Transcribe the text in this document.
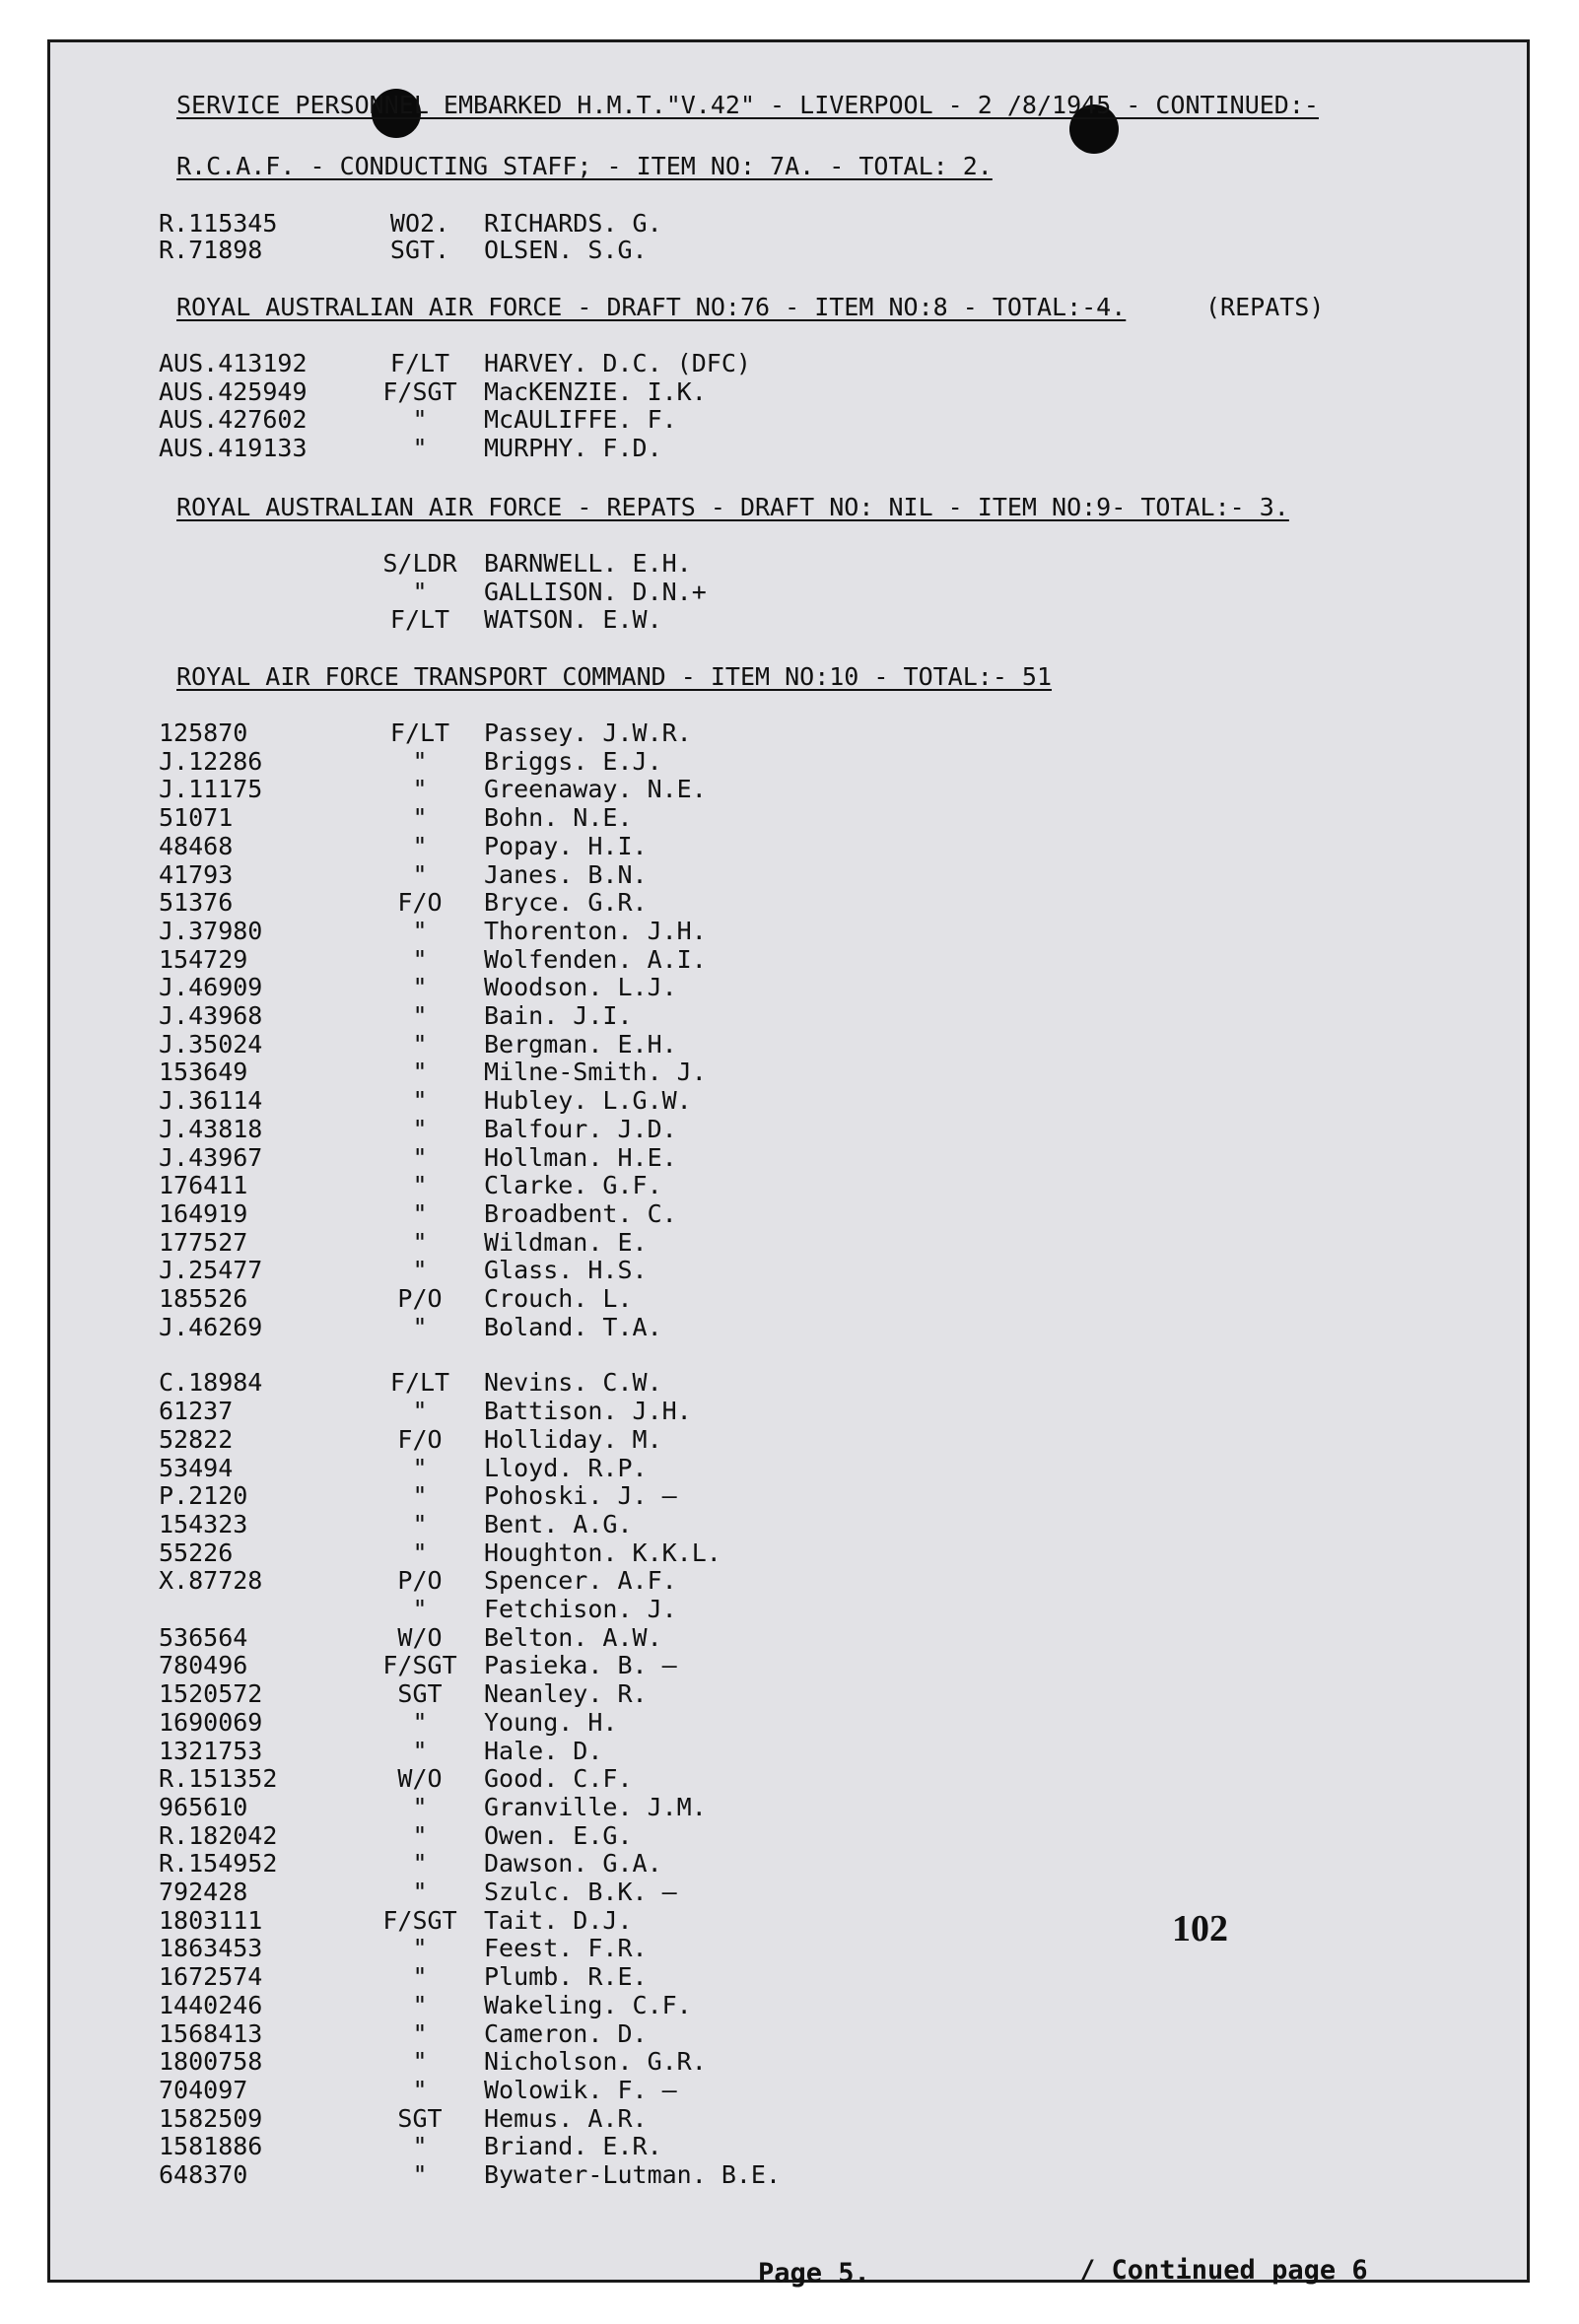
SERVICE PERSONNEL EMBARKED H.M.T."V.42" - LIVERPOOL - 2 /8/1945 - CONTINUED:-
R.C.A.F. - CONDUCTING STAFF; - ITEM NO: 7A. - TOTAL: 2.
R.115345	WO2.	RICHARDS. G.
R.71898	SGT.	OLSEN. S.G.
ROYAL AUSTRALIAN AIR FORCE - DRAFT NO:76 - ITEM NO:8 - TOTAL:-4.	(REPATS)
AUS.413192	F/LT	HARVEY. D.C. (DFC)
AUS.425949	F/SGT	MacKENZIE. I.K.
AUS.427602	"	McAULIFFE. F.
AUS.419133	"	MURPHY. F.D.
ROYAL AUSTRALIAN AIR FORCE - REPATS - DRAFT NO: NIL - ITEM NO:9- TOTAL:- 3.
S/LDR	BARNWELL. E.H.
"	GALLISON. D.N.+
F/LT	WATSON. E.W.
ROYAL AIR FORCE TRANSPORT COMMAND - ITEM NO:10 - TOTAL:- 51
125870	F/LT	Passey. J.W.R.
J.12286	"	Briggs. E.J.
J.11175	"	Greenaway. N.E.
51071	"	Bohn. N.E.
48468	"	Popay. H.I.
41793	"	Janes. B.N.
51376	F/O	Bryce. G.R.
J.37980	"	Thorenton. J.H.
154729	"	Wolfenden. A.I.
J.46909	"	Woodson. L.J.
J.43968	"	Bain. J.I.
J.35024	"	Bergman. E.H.
153649	"	Milne-Smith. J.
J.36114	"	Hubley. L.G.W.
J.43818	"	Balfour. J.D.
J.43967	"	Hollman. H.E.
176411	"	Clarke. G.F.
164919	"	Broadbent. C.
177527	"	Wildman. E.
J.25477	"	Glass. H.S.
185526	P/O	Crouch. L.
J.46269	"	Boland. T.A.
C.18984	F/LT	Nevins. C.W.
61237	"	Battison. J.H.
52822	F/O	Holliday. M.
53494	"	Lloyd. R.P.
P.2120	"	Pohoski. J. —
154323	"	Bent. A.G.
55226	"	Houghton. K.K.L.
X.87728	P/O	Spencer. A.F.
"	Fetchison. J.
536564	W/O	Belton. A.W.
780496	F/SGT	Pasieka. B. —
1520572	SGT	Neanley. R.
1690069	"	Young. H.
1321753	"	Hale. D.
R.151352	W/O	Good. C.F.
965610	"	Granville. J.M.
R.182042	"	Owen. E.G.
R.154952	"	Dawson. G.A.
792428	"	Szulc. B.K. —
1803111	F/SGT	Tait. D.J.
1863453	"	Feest. F.R.
1672574	"	Plumb. R.E.
1440246	"	Wakeling. C.F.
1568413	"	Cameron. D.
1800758	"	Nicholson. G.R.
704097	"	Wolowik. F. —
1582509	SGT	Hemus. A.R.
1581886	"	Briand. E.R.
648370	"	Bywater-Lutman. B.E.
102
Page 5.	/ Continued page 6
